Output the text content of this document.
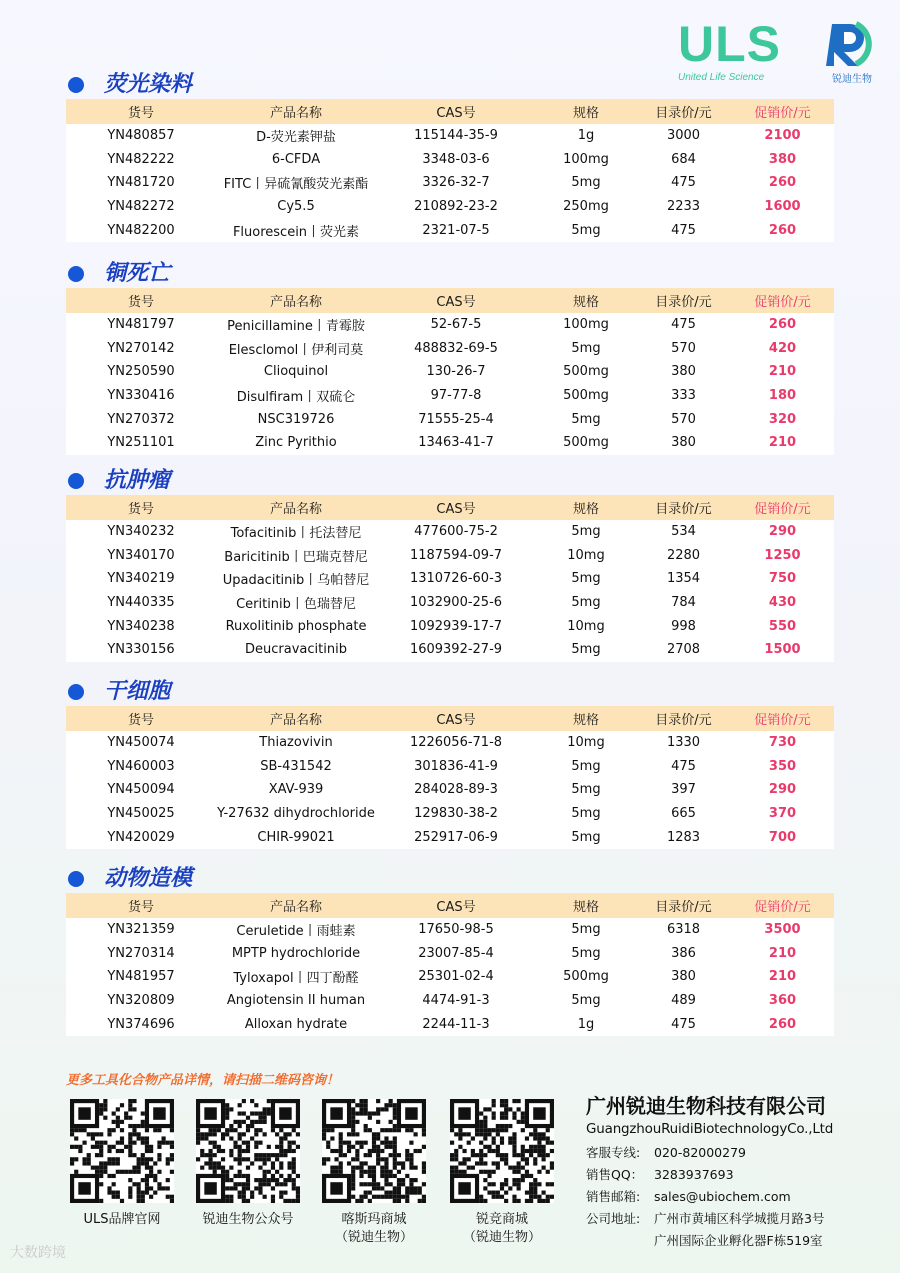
ULS
United Life Science	锐迪生物
荧光染料
货号	产品名称	CAS号	规格	目录价/元	促销价/元
YN480857	D-荧光素钾盐	115144-35-9	1g	3000	2100
YN482222	6-CFDA	3348-03-6	100mg	684	380
YN481720	FITC丨异硫氰酸荧光素酯	3326-32-7	5mg	475	260
YN482272	Cy5.5	210892-23-2	250mg	2233	1600
YN482200	Fluorescein丨荧光素	2321-07-5	5mg	475	260
铜死亡
货号	产品名称	CAS号	规格	目录价/元	促销价/元
YN481797	Penicillamine丨青霉胺	52-67-5	100mg	475	260
YN270142	Elesclomol丨伊利司莫	488832-69-5	5mg	570	420
YN250590	Clioquinol	130-26-7	500mg	380	210
YN330416	Disulfiram丨双硫仑	97-77-8	500mg	333	180
YN270372	NSC319726	71555-25-4	5mg	570	320
YN251101	Zinc Pyrithio	13463-41-7	500mg	380	210
抗肿瘤
货号	产品名称	CAS号	规格	目录价/元	促销价/元
YN340232	Tofacitinib丨托法替尼	477600-75-2	5mg	534	290
YN340170	Baricitinib丨巴瑞克替尼	1187594-09-7	10mg	2280	1250
YN340219	Upadacitinib丨乌帕替尼	1310726-60-3	5mg	1354	750
YN440335	Ceritinib丨色瑞替尼	1032900-25-6	5mg	784	430
YN340238	Ruxolitinib phosphate	1092939-17-7	10mg	998	550
YN330156	Deucravacitinib	1609392-27-9	5mg	2708	1500
干细胞
货号	产品名称	CAS号	规格	目录价/元	促销价/元
YN450074	Thiazovivin	1226056-71-8	10mg	1330	730
YN460003	SB-431542	301836-41-9	5mg	475	350
YN450094	XAV-939	284028-89-3	5mg	397	290
YN450025	Y-27632 dihydrochloride	129830-38-2	5mg	665	370
YN420029	CHIR-99021	252917-06-9	5mg	1283	700
动物造模
货号	产品名称	CAS号	规格	目录价/元	促销价/元
YN321359	Ceruletide丨雨蛙素	17650-98-5	5mg	6318	3500
YN270314	MPTP hydrochloride	23007-85-4	5mg	386	210
YN481957	Tyloxapol丨四丁酚醛	25301-02-4	500mg	380	210
YN320809	Angiotensin II human	4474-91-3	5mg	489	360
YN374696	Alloxan hydrate	2244-11-3	1g	475	260
更多工具化合物产品详情，请扫描二维码咨询！
ULS品牌官网	锐迪生物公众号	喀斯玛商城
（锐迪生物）
锐竞商城
（锐迪生物）
广州锐迪生物科技有限公司
GuangzhouRuidiBiotechnologyCo.,Ltd
客服专线: 020-82000279
销售QQ： 3283937693
销售邮箱: sales@ubiochem.com
公司地址: 广州市黄埔区科学城揽月路3号
广州国际企业孵化器F栋519室
大数跨境
